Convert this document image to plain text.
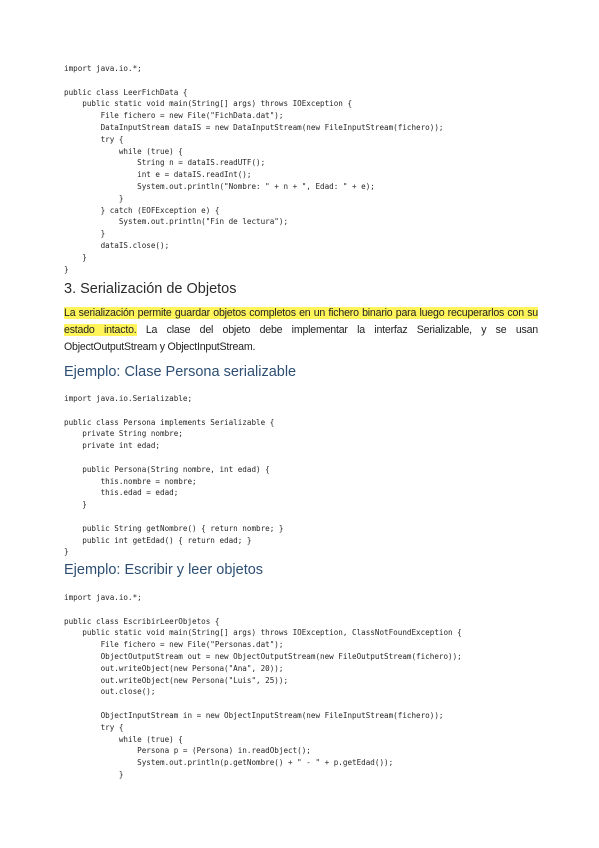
import java.io.*;
public class LeerFichData {
public static void main(String[] args) throws IOException {
File fichero = new File("FichData.dat");
DataInputStream dataIS = new DataInputStream(new FileInputStream(fichero));
try {
while (true) {
String n = dataIS.readUTF();
int e = dataIS.readInt();
System.out.println("Nombre: " + n + ", Edad: " + e);
}
} catch (EOFException e) {
System.out.println("Fin de lectura");
}
dataIS.close();
}
}
3. Serialización de Objetos

La serialización permite guardar objetos completos en un fichero binario para luego recuperarlos con su estado intacto. La clase del objeto debe implementar la interfaz Serializable, y se usan ObjectOutputStream y ObjectInputStream.

Ejemplo: Clase Persona serializable
import java.io.Serializable;
public class Persona implements Serializable {
private String nombre;
private int edad;
public Persona(String nombre, int edad) {
this.nombre = nombre;
this.edad = edad;
}
public String getNombre() { return nombre; }
public int getEdad() { return edad; }
}
Ejemplo: Escribir y leer objetos
import java.io.*;
public class EscribirLeerObjetos {
public static void main(String[] args) throws IOException, ClassNotFoundException {
File fichero = new File("Personas.dat");
ObjectOutputStream out = new ObjectOutputStream(new FileOutputStream(fichero));
out.writeObject(new Persona("Ana", 20));
out.writeObject(new Persona("Luis", 25));
out.close();
ObjectInputStream in = new ObjectInputStream(new FileInputStream(fichero));
try {
while (true) {
Persona p = (Persona) in.readObject();
System.out.println(p.getNombre() + " - " + p.getEdad());
}
